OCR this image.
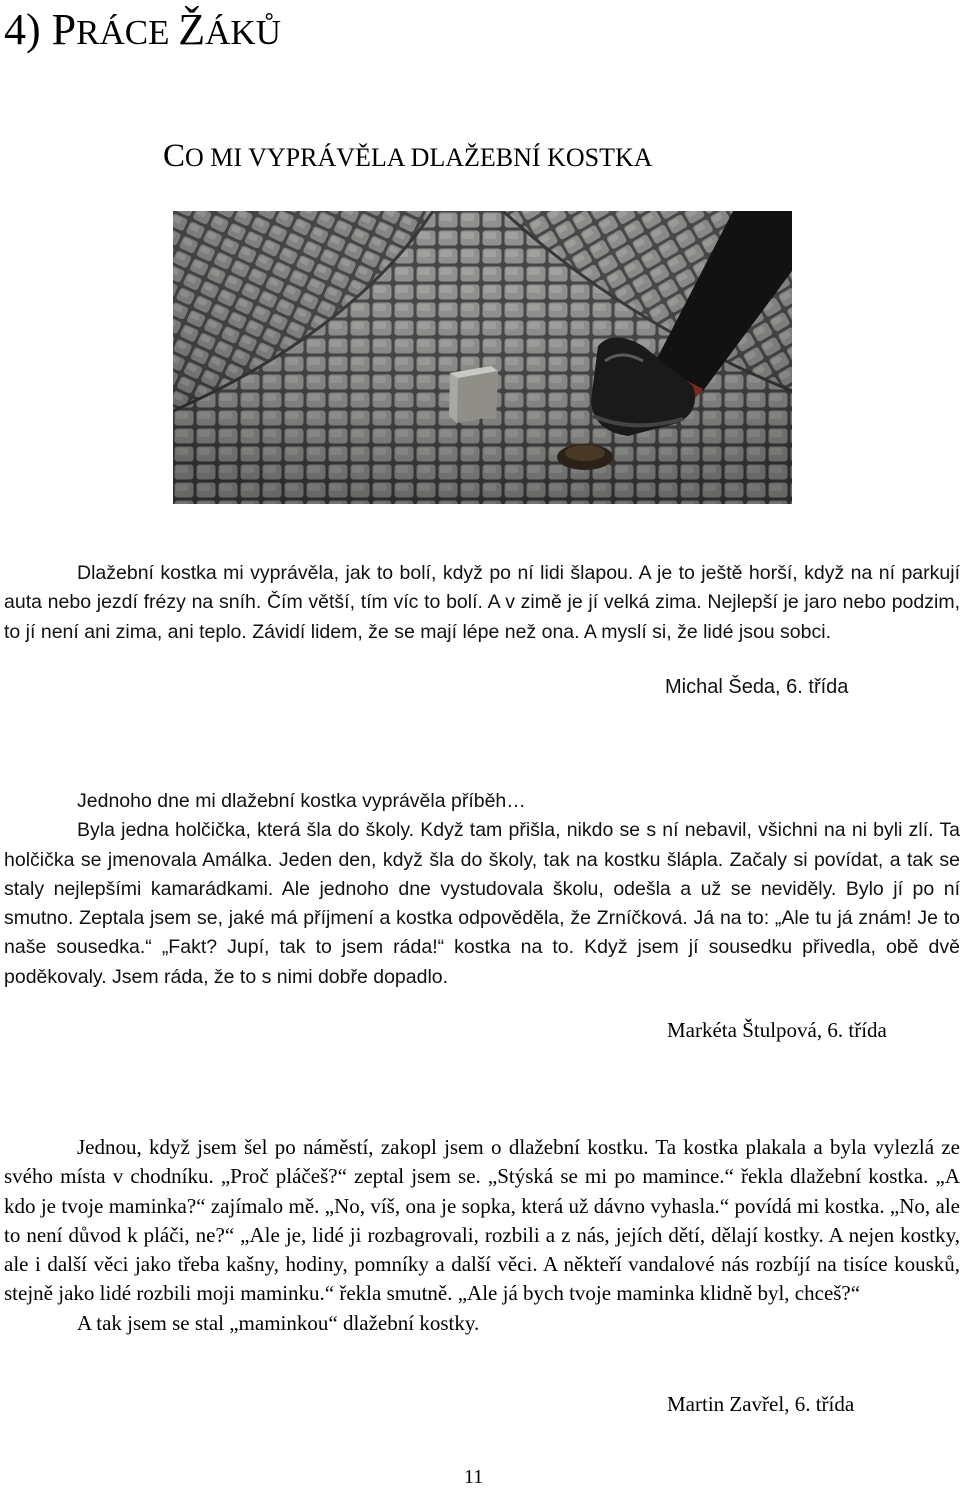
4) PRÁCE ŽÁKŮ
CO MI VYPRÁVĚLA DLAŽEBNÍ KOSTKA

Dlažební kostka mi vyprávěla, jak to bolí, když po ní lidi šlapou. A je to ještě horší, když na ní parkují auta nebo jezdí frézy na sníh. Čím větší, tím víc to bolí. A v zimě je jí velká zima. Nejlepší je jaro nebo podzim, to jí není ani zima, ani teplo. Závidí lidem, že se mají lépe než ona. A myslí si, že lidé jsou sobci.

Michal Šeda, 6. třída

Jednoho dne mi dlažební kostka vyprávěla příběh…

Byla jedna holčička, která šla do školy. Když tam přišla, nikdo se s ní nebavil, všichni na ni byli zlí. Ta holčička se jmenovala Amálka. Jeden den, když šla do školy, tak na kostku šlápla. Začaly si povídat, a tak se staly nejlepšími kamarádkami. Ale jednoho dne vystudovala školu, odešla a už se neviděly. Bylo jí po ní smutno. Zeptala jsem se, jaké má příjmení a kostka odpověděla, že Zrníčková. Já na to: „Ale tu já znám! Je to naše sousedka.“ „Fakt? Jupí, tak to jsem ráda!“ kostka na to. Když jsem jí sousedku přivedla, obě dvě poděkovaly. Jsem ráda, že to s nimi dobře dopadlo.

Markéta Štulpová, 6. třída

Jednou, když jsem šel po náměstí, zakopl jsem o dlažební kostku. Ta kostka plakala a byla vylezlá ze svého místa v chodníku. „Proč pláčeš?“ zeptal jsem se. „Stýská se mi po mamince.“ řekla dlažební kostka. „A kdo je tvoje maminka?“ zajímalo mě. „No, víš, ona je sopka, která už dávno vyhasla.“ povídá mi kostka. „No, ale to není důvod k pláči, ne?“ „Ale je, lidé ji rozbagrovali, rozbili a z nás, jejích dětí, dělají kostky. A nejen kostky, ale i další věci jako třeba kašny, hodiny, pomníky a další věci. A někteří vandalové nás rozbíjí na tisíce kousků, stejně jako lidé rozbili moji maminku.“ řekla smutně. „Ale já bych tvoje maminka klidně byl, chceš?“

A tak jsem se stal „maminkou“ dlažební kostky.

Martin Zavřel, 6. třída
11
